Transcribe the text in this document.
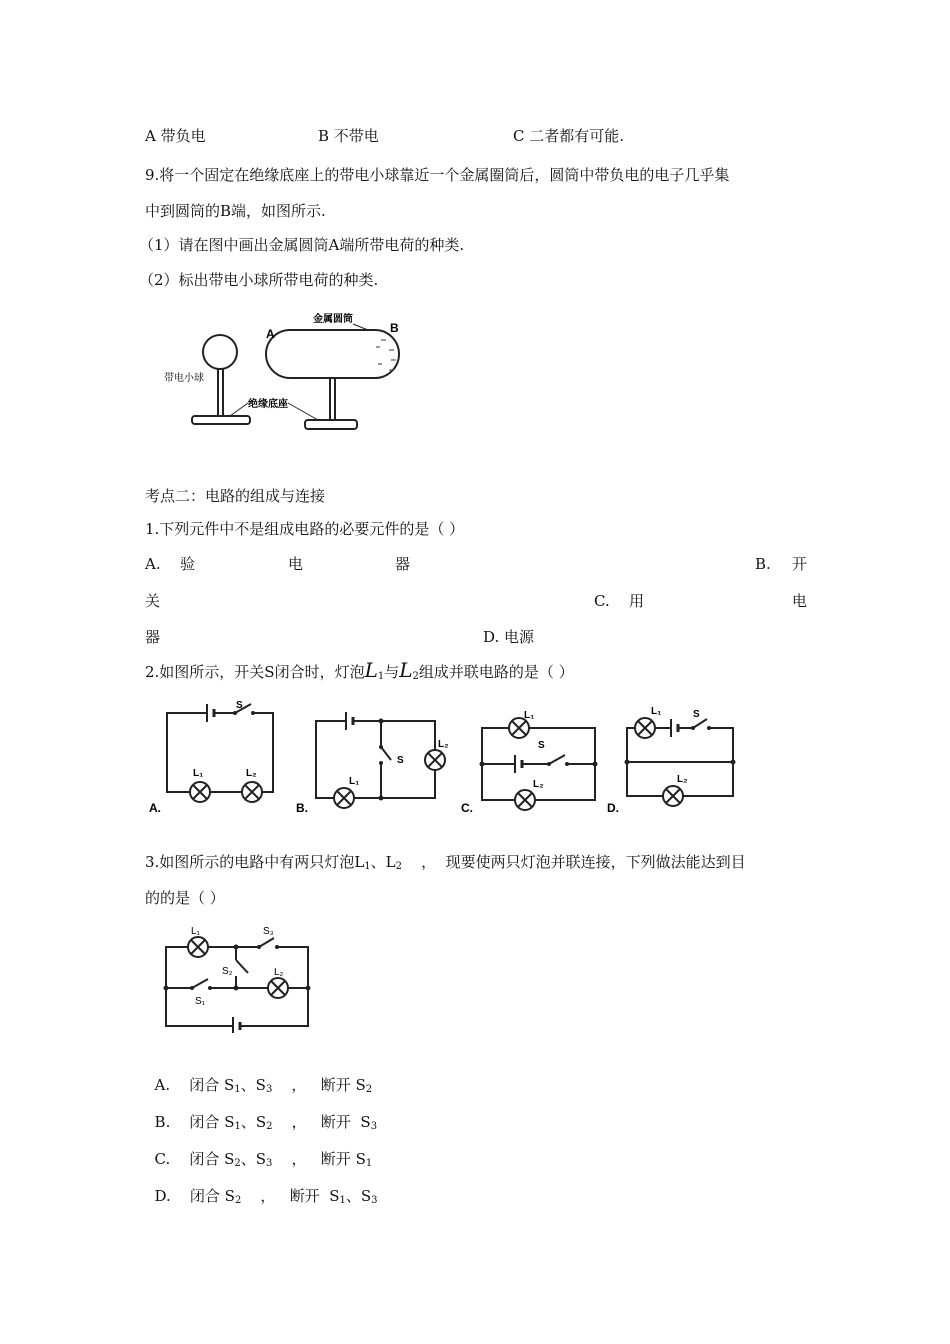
A 带负电	B 不带电	C 二者都有可能.
9.将一个固定在绝缘底座上的带电小球靠近一个金属圈筒后，圆筒中带负电的电子几乎集
中到圆筒的B端，如图所示.
（1）请在图中画出金属圆筒A端所带电荷的种类.
（2）标出带电小球所带电荷的种类.
A	B
金属圆筒
带电小球
绝缘底座
考点二：电路的组成与连接
1.下列元件中不是组成电路的必要元件的是（ ）
A. 验	电	器	B. 开
关	C. 用	电
器	D. 电源
2.如图所示，开关S闭合时，灯泡$L_1$与$L_2$组成并联电路的是（ ）
S
L₁	L₂
A.
S
L₂
L₁
B.
L₁
S
L₂
C.
L₁	S
L₂
D.
3.如图所示的电路中有两只灯泡$L_1$、$L_2$    ，  现要使两只灯泡并联连接，下列做法能达到目
的的是（ ）
L₁	S₃
S₂	L₂
S₁

A. 闭合 $S_1$、$S_3$    ，   断开 $S_2$

B. 闭合 $S_1$、$S_2$    ，   断开  $S_3$

C. 闭合 $S_2$、$S_3$    ，   断开 $S_1$

D. 闭合 $S_2$    ，   断开  $S_1$、$S_3$
